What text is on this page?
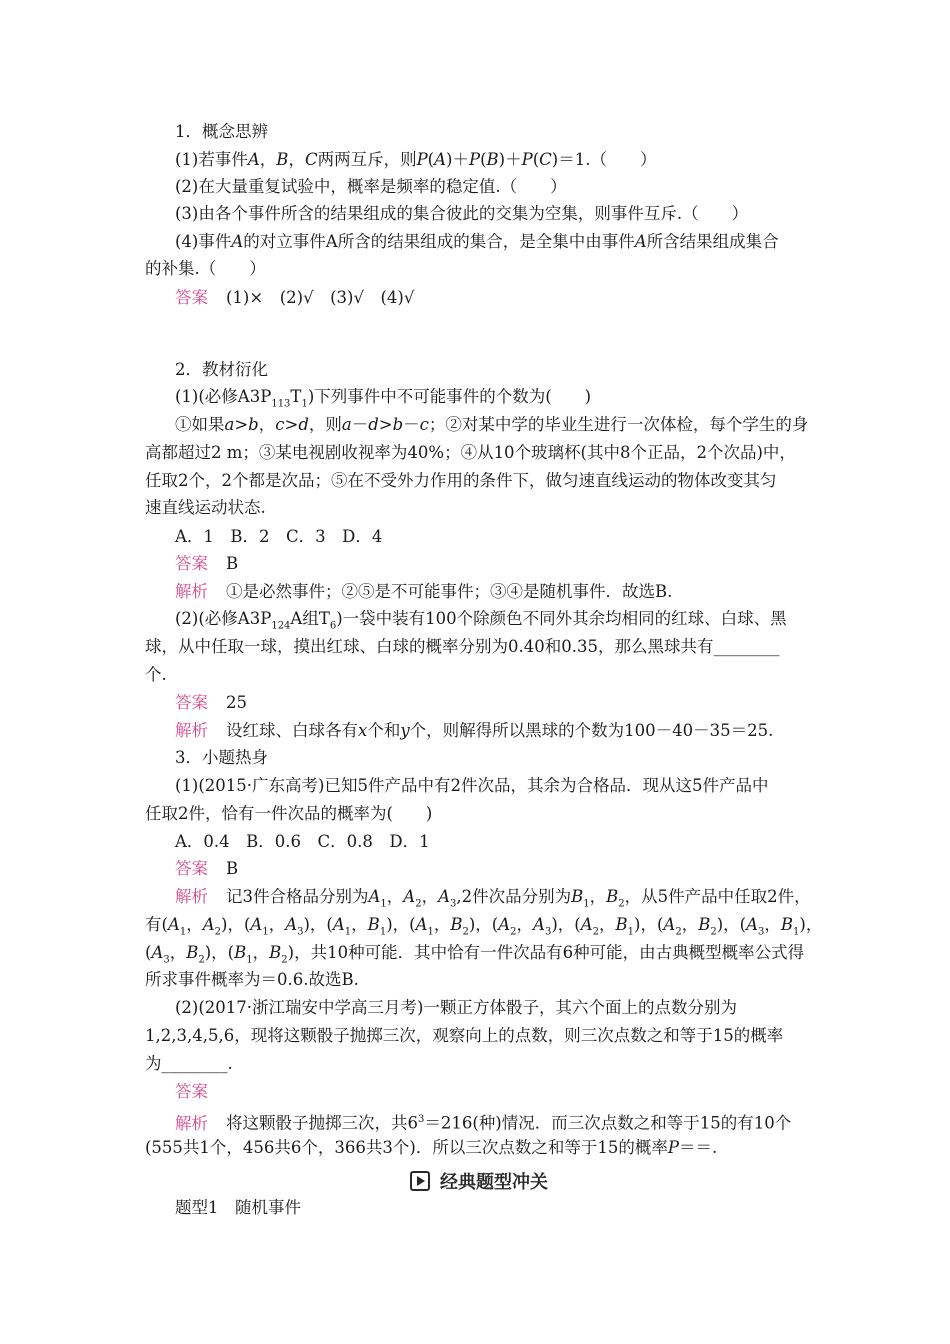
1．概念思辨
(1)若事件A，B，C两两互斥，则P(A)＋P(B)＋P(C)＝1.（　　）
(2)在大量重复试验中，概率是频率的稳定值.（　　）
(3)由各个事件所含的结果组成的集合彼此的交集为空集，则事件互斥.（　　）
(4)事件A的对立事件A所含的结果组成的集合，是全集中由事件A所含结果组成集合
的补集.（　　）
答案 (1)×　(2)√　(3)√　(4)√
2．教材衍化
(1)(必修$A3P_{113}T_1$)下列事件中不可能事件的个数为(　　)
①如果a>b，c>d，则a－d>b－c；②对某中学的毕业生进行一次体检，每个学生的身
高都超过2 m；③某电视剧收视率为40%；④从10个玻璃杯(其中8个正品，2个次品)中，
任取2个，2个都是次品；⑤在不受外力作用的条件下，做匀速直线运动的物体改变其匀
速直线运动状态.
A．1　B．2　C．3　D．4
答案 B
解析 ①是必然事件；②⑤是不可能事件；③④是随机事件．故选B.
(2)(必修$A3P_{124}A$组$T_6$)一袋中装有100个除颜色不同外其余均相同的红球、白球、黑
球，从中任取一球，摸出红球、白球的概率分别为0.40和0.35，那么黑球共有________
个.
答案 25
解析 设红球、白球各有x个和y个，则解得所以黑球的个数为100－40－35＝25.
3．小题热身
(1)(2015·广东高考)已知5件产品中有2件次品，其余为合格品．现从这5件产品中
任取2件，恰有一件次品的概率为(　　)
A．0.4　B．0.6　C．0.8　D．1
答案 B
解析 记3件合格品分别为$A_1$，$A_2$，$A_3,2$件次品分别为$B_1$，$B_2$，从5件产品中任取2件，
有($A_1$，$A_2$)，($A_1$，$A_3$)，($A_1$，$B_1$)，($A_1$，$B_2$)，($A_2$，$A_3$)，($A_2$，$B_1$)，($A_2$，$B_2$)，($A_3$，$B_1$)，
($A_3$，$B_2$)，($B_1$，$B_2$)，共10种可能．其中恰有一件次品有6种可能，由古典概型概率公式得
所求事件概率为＝0.6.故选B.
(2)(2017·浙江瑞安中学高三月考)一颗正方体骰子，其六个面上的点数分别为
1,2,3,4,5,6，现将这颗骰子抛掷三次，观察向上的点数，则三次点数之和等于15的概率
为________.
答案
解析 将这颗骰子抛掷三次，共$6^3=216$(种)情况．而三次点数之和等于15的有10个
(555共1个，456共6个，366共3个)．所以三次点数之和等于15的概率P＝＝.
经典题型冲关
题型1　随机事件
